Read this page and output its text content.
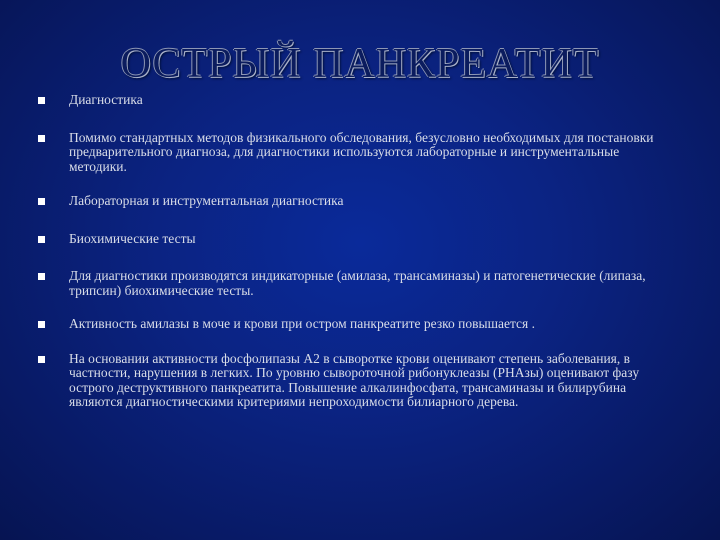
ОСТРЫЙ ПАНКРЕАТИТ
Диагностика
Помимо стандартных методов физикального обследования, безусловно необходимых для постановки предварительного диагноза, для диагностики используются лабораторные и инструментальные методики.
Лабораторная и инструментальная диагностика
Биохимические тесты
Для диагностики производятся индикаторные (амилаза, трансаминазы) и патогенетические (липаза, трипсин) биохимические тесты.
Активность амилазы в моче и крови при остром панкреатите резко повышается .
На основании активности фосфолипазы А2 в сыворотке крови оценивают степень заболевания, в частности, нарушения в легких. По уровню сывороточной рибонуклеазы (РНАзы) оценивают фазу острого деструктивного панкреатита. Повышение алкалинфосфата, трансаминазы и билирубина являются диагностическими критериями непроходимости билиарного дерева.
